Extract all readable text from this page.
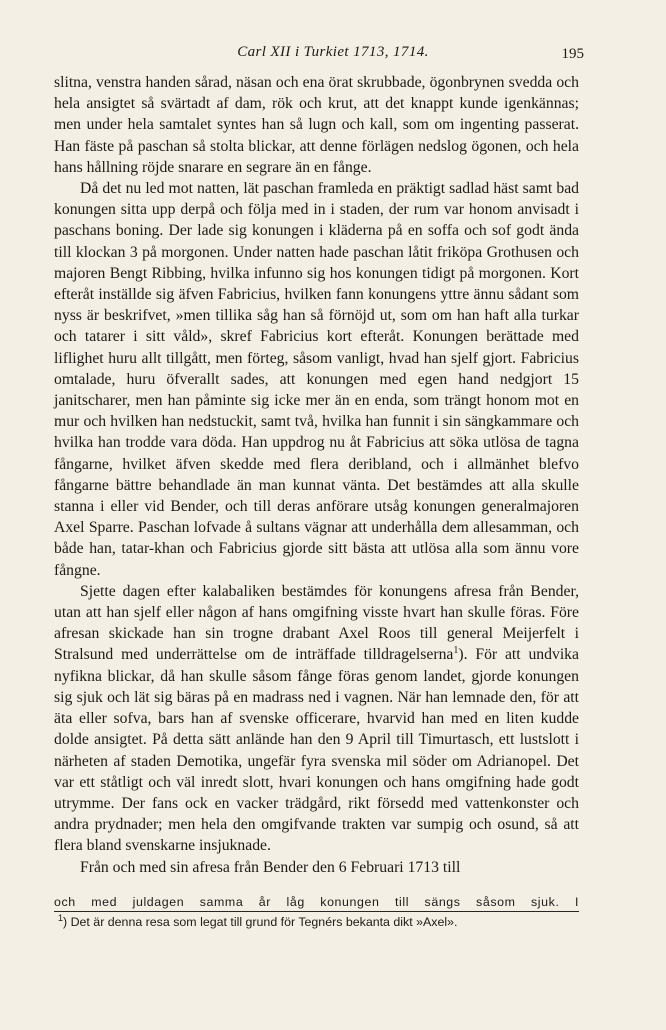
Carl XII i Turkiet 1713, 1714.	195

slitna, venstra handen sårad, näsan och ena örat skrubbade, ögonbrynen svedda och hela ansigtet så svärtadt af dam, rök och krut, att det knappt kunde igenkännas; men under hela samtalet syntes han så lugn och kall, som om ingenting passerat. Han fäste på paschan så stolta blickar, att denne förlägen nedslog ögonen, och hela hans hållning röjde snarare en segrare än en fånge.

Då det nu led mot natten, lät paschan framleda en präktigt sadlad häst samt bad konungen sitta upp derpå och följa med in i staden, der rum var honom anvisadt i paschans boning. Der lade sig konungen i kläderna på en soffa och sof godt ända till klockan 3 på morgonen. Under natten hade paschan låtit friköpa Grothusen och majoren Bengt Ribbing, hvilka infunno sig hos konungen tidigt på morgonen. Kort efteråt inställde sig äfven Fabricius, hvilken fann konungens yttre ännu sådant som nyss är beskrifvet, »men tillika såg han så förnöjd ut, som om han haft alla turkar och tatarer i sitt våld», skref Fabricius kort efteråt. Konungen berättade med liflighet huru allt tillgått, men förteg, såsom vanligt, hvad han sjelf gjort. Fabricius omtalade, huru öfverallt sades, att konungen med egen hand nedgjort 15 janitscharer, men han påminte sig icke mer än en enda, som trängt honom mot en mur och hvilken han nedstuckit, samt två, hvilka han funnit i sin sängkammare och hvilka han trodde vara döda. Han uppdrog nu åt Fabricius att söka utlösa de tagna fångarne, hvilket äfven skedde med flera deribland, och i allmänhet blefvo fångarne bättre behandlade än man kunnat vänta. Det bestämdes att alla skulle stanna i eller vid Bender, och till deras anförare utsåg konungen generalmajoren Axel Sparre. Paschan lofvade å sultans vägnar att underhålla dem allesamman, och både han, tatar-khan och Fabricius gjorde sitt bästa att utlösa alla som ännu vore fångne.

Sjette dagen efter kalabaliken bestämdes för konungens afresa från Bender, utan att han sjelf eller någon af hans omgifning visste hvart han skulle föras. Före afresan skickade han sin trogne drabant Axel Roos till general Meijerfelt i Stralsund med underrättelse om de inträffade tilldragelserna$^1$). För att undvika nyfikna blickar, då han skulle såsom fånge föras genom landet, gjorde konungen sig sjuk och lät sig bäras på en madrass ned i vagnen. När han lemnade den, för att äta eller sofva, bars han af svenske officerare, hvarvid han med en liten kudde dolde ansigtet. På detta sätt anlände han den 9 April till Timurtasch, ett lustslott i närheten af staden Demotika, ungefär fyra svenska mil söder om Adrianopel. Det var ett ståtligt och väl inredt slott, hvari konungen och hans omgifning hade godt utrymme. Der fans ock en vacker trädgård, rikt försedd med vattenkonster och andra prydnader; men hela den omgifvande trakten var sumpig och osund, så att flera bland svenskarne insjuknade.

Från och med sin afresa från Bender den 6 Februari 1713 till

och med juldagen samma år låg konungen till sängs såsom sjuk. I
$^1$) Det är denna resa som legat till grund för Tegnérs bekanta dikt »Axel».
